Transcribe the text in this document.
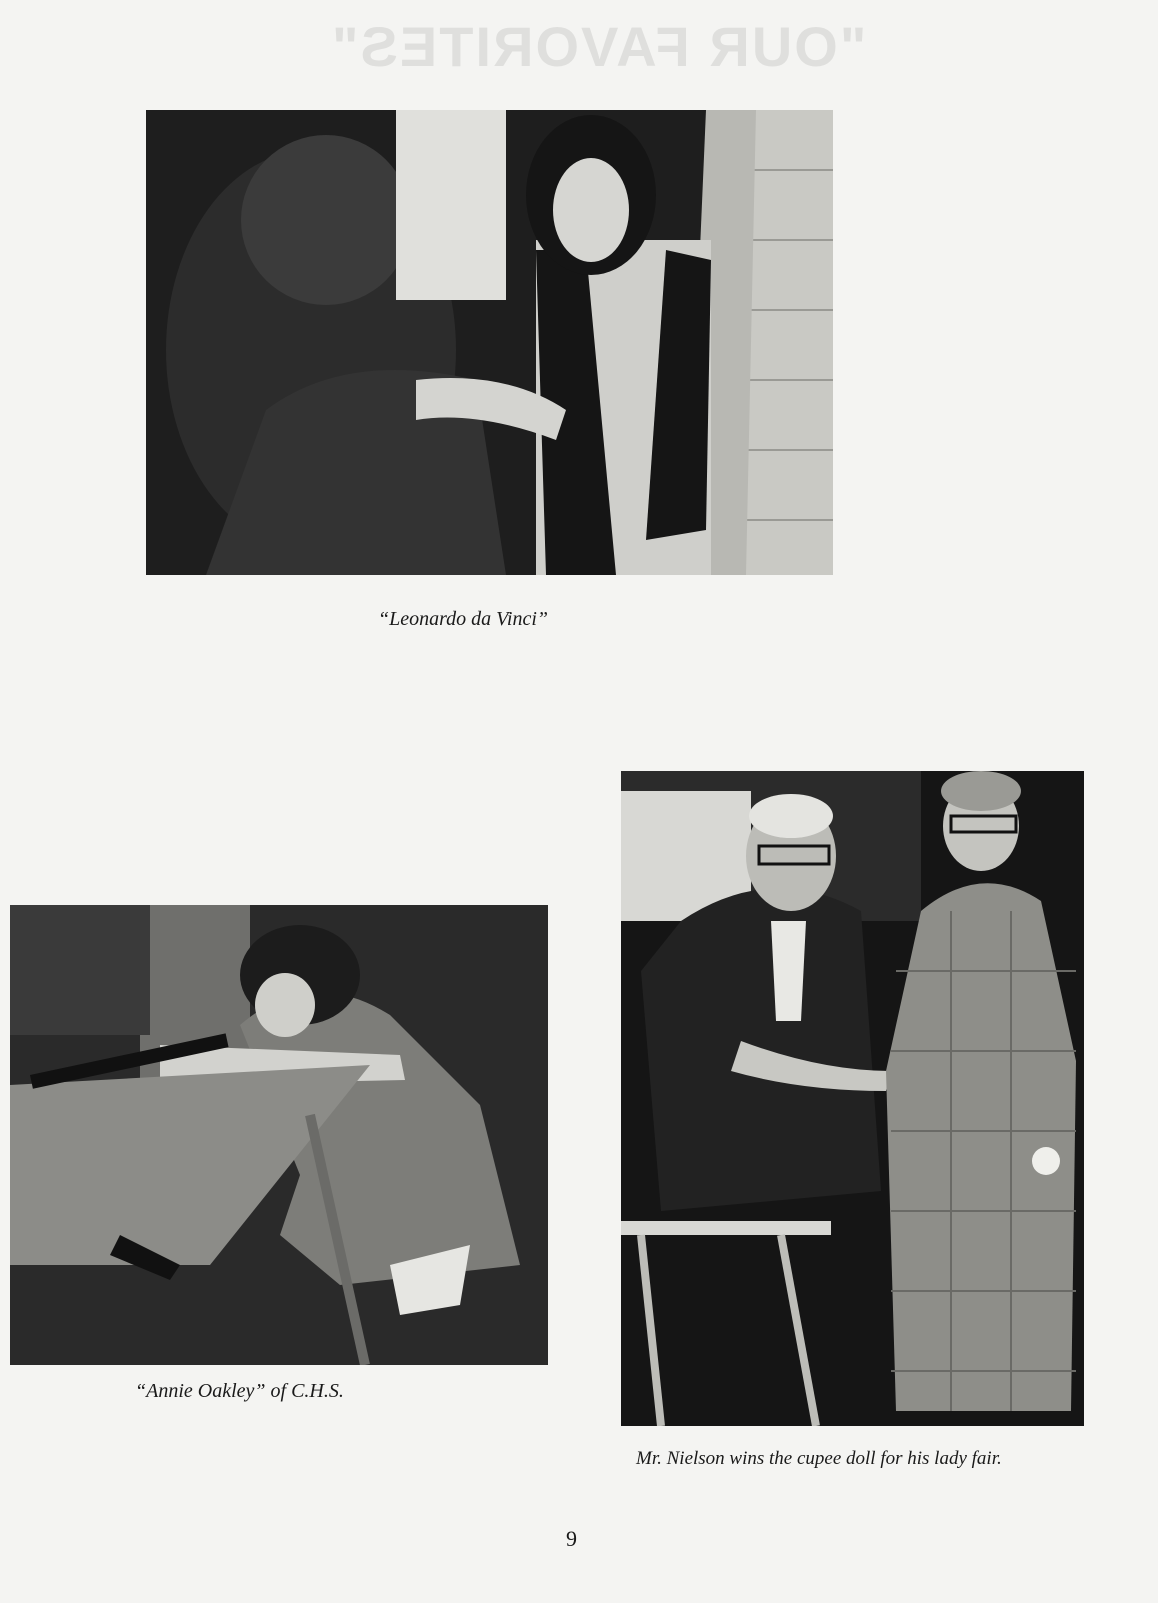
"OUR FAVORITES"
“Leonardo da Vinci”
“Annie Oakley” of C.H.S.
Mr. Nielson wins the cupee doll for his lady fair.
9
